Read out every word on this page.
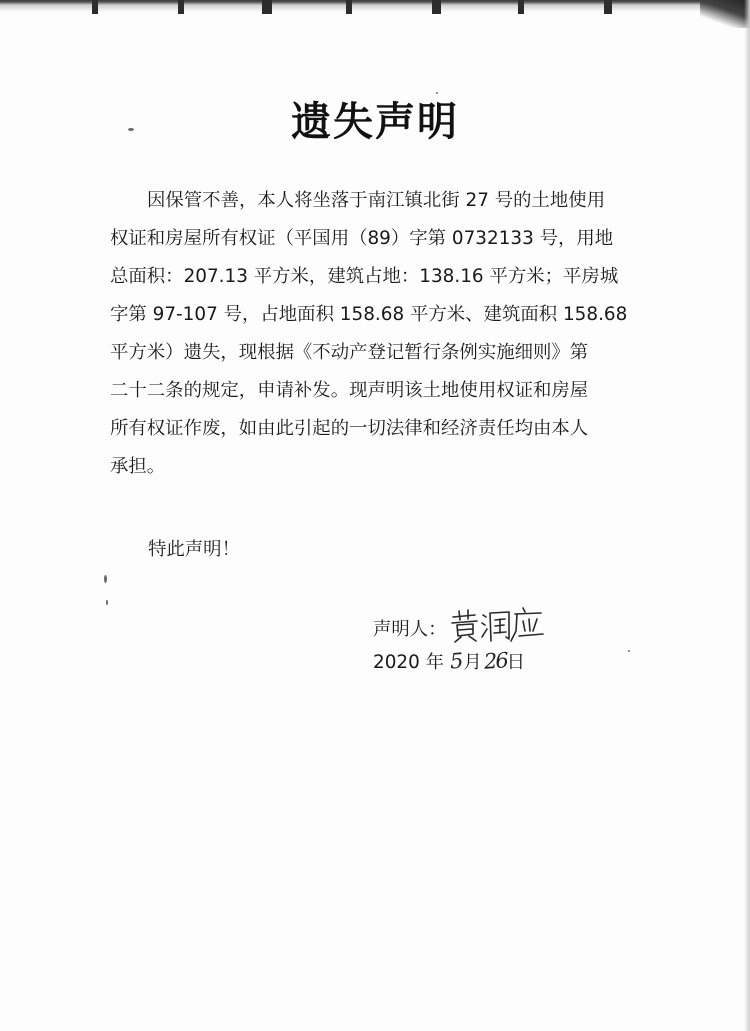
遗失声明
因保管不善，本人将坐落于南江镇北街 27 号的土地使用
权证和房屋所有权证（平国用（89）字第 0732133 号，用地
总面积：207.13 平方米，建筑占地：138.16 平方米；平房城
字第 97-107 号，占地面积 158.68 平方米、建筑面积 158.68
平方米）遗失，现根据《不动产登记暂行条例实施细则》第
二十二条的规定，申请补发。现声明该土地使用权证和房屋
所有权证作废，如由此引起的一切法律和经济责任均由本人
承担。
特此声明！
声明人：
2020 年 5 月 26 日
